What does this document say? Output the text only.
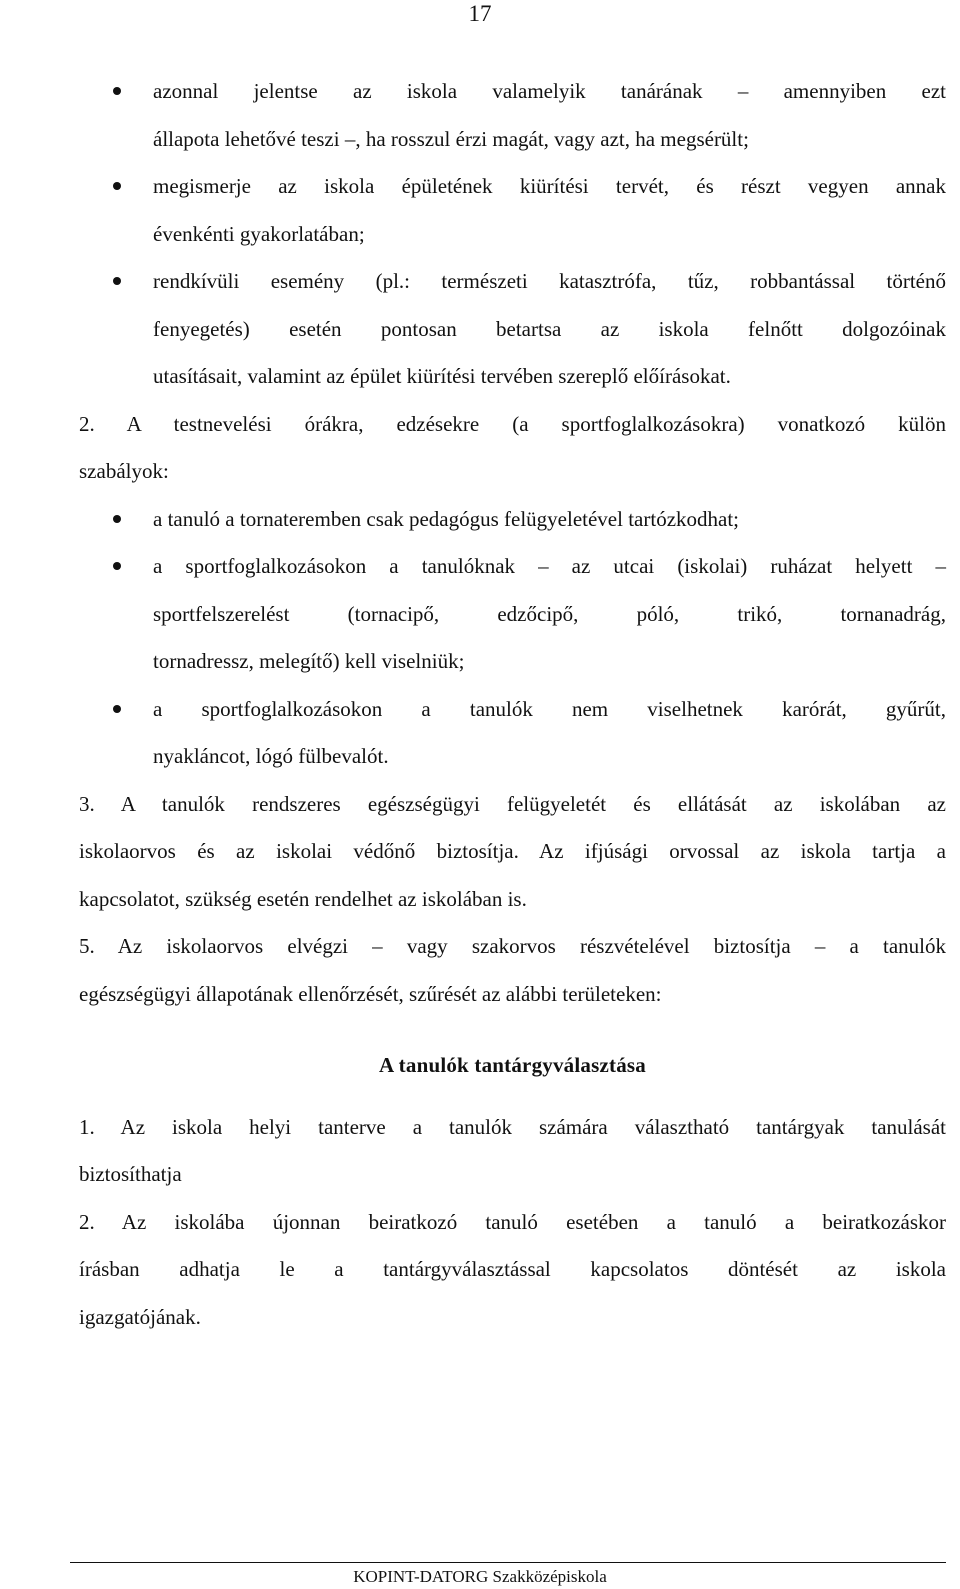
17
azonnal jelentse az iskola valamelyik tanárának – amennyiben ezt
állapota lehetővé teszi –, ha rosszul érzi magát, vagy azt, ha megsérült;
megismerje az iskola épületének kiürítési tervét, és részt vegyen annak
évenkénti gyakorlatában;
rendkívüli esemény (pl.: természeti katasztrófa, tűz, robbantással történő
fenyegetés) esetén pontosan betartsa az iskola felnőtt dolgozóinak
utasításait, valamint az épület kiürítési tervében szereplő előírásokat.
2. A testnevelési órákra, edzésekre (a sportfoglalkozásokra) vonatkozó külön
szabályok:
a tanuló a tornateremben csak pedagógus felügyeletével tartózkodhat;
a sportfoglalkozásokon a tanulóknak – az utcai (iskolai) ruházat helyett –
sportfelszerelést (tornacipő, edzőcipő, póló, trikó, tornanadrág,
tornadressz, melegítő) kell viselniük;
a sportfoglalkozásokon a tanulók nem viselhetnek karórát, gyűrűt,
nyakláncot, lógó fülbevalót.
3. A tanulók rendszeres egészségügyi felügyeletét és ellátását az iskolában az
iskolaorvos és az iskolai védőnő biztosítja. Az ifjúsági orvossal az iskola tartja a
kapcsolatot, szükség esetén rendelhet az iskolában is.
5. Az iskolaorvos elvégzi – vagy szakorvos részvételével biztosítja – a tanulók
egészségügyi állapotának ellenőrzését, szűrését az alábbi területeken:
A tanulók tantárgyválasztása
1. Az iskola helyi tanterve a tanulók számára választható tantárgyak tanulását
biztosíthatja
2. Az iskolába újonnan beiratkozó tanuló esetében a tanuló a beiratkozáskor
írásban adhatja le a tantárgyválasztással kapcsolatos döntését az iskola
igazgatójának.
KOPINT-DATORG Szakközépiskola
